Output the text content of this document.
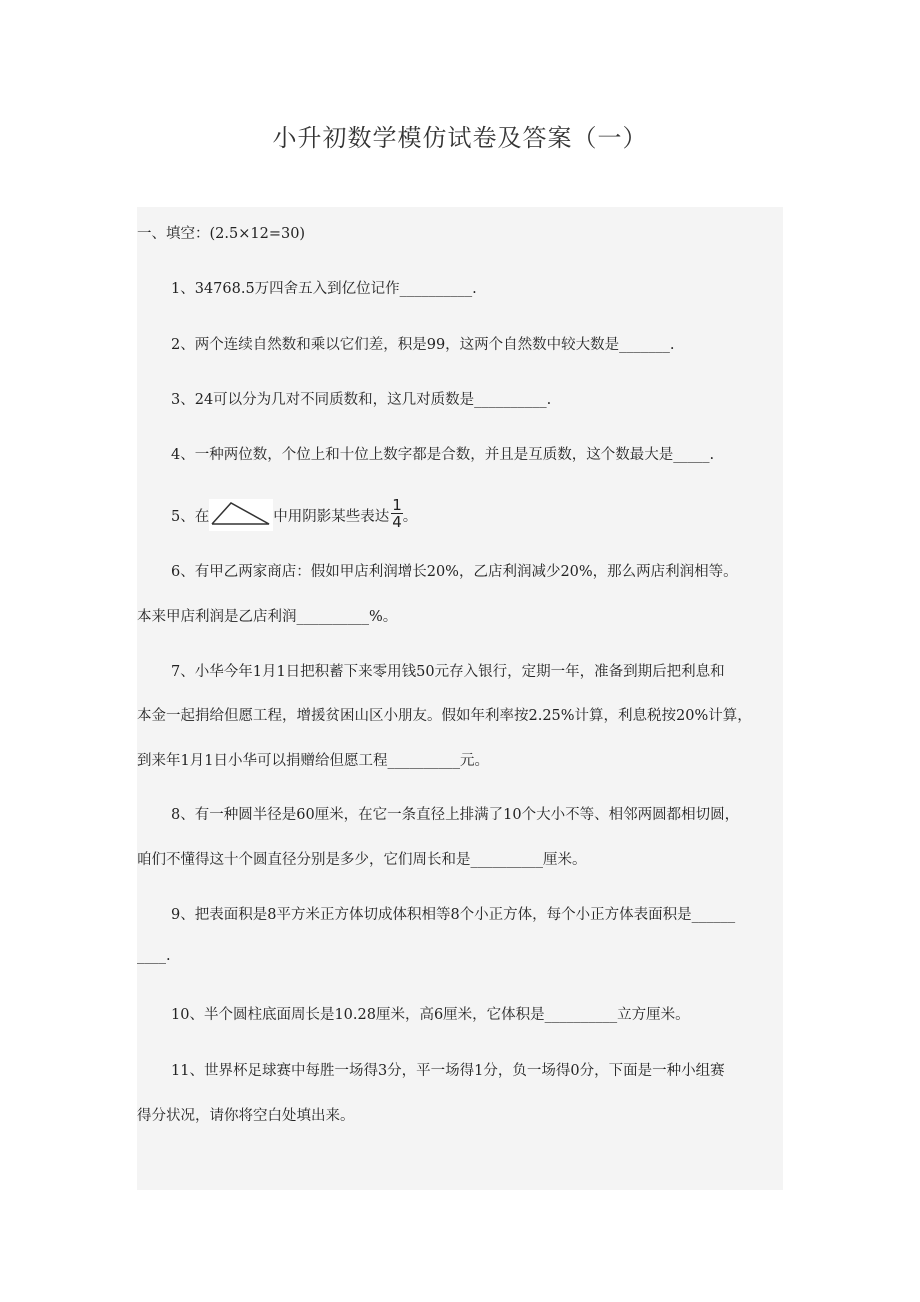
小升初数学模仿试卷及答案（一）
一、填空：(2.5×12=30)
1、34768.5万四舍五入到亿位记作__________.
2、两个连续自然数和乘以它们差，积是99，这两个自然数中较大数是_______.
3、24可以分为几对不同质数和，这几对质数是__________.
4、一种两位数，个位上和十位上数字都是合数，并且是互质数，这个数最大是_____.
5、在	中用阴影某些表达 $\frac{1}{4}$ 。
6、有甲乙两家商店：假如甲店利润增长20%，乙店利润减少20%，那么两店利润相等。
本来甲店利润是乙店利润__________%。
7、小华今年1月1日把积蓄下来零用钱50元存入银行，定期一年，准备到期后把利息和
本金一起捐给但愿工程，增援贫困山区小朋友。假如年利率按2.25%计算，利息税按20%计算，
到来年1月1日小华可以捐赠给但愿工程__________元。
8、有一种圆半径是60厘米，在它一条直径上排满了10个大小不等、相邻两圆都相切圆，
咱们不懂得这十个圆直径分别是多少，它们周长和是__________厘米。
9、把表面积是8平方米正方体切成体积相等8个小正方体，每个小正方体表面积是______
____.
10、半个圆柱底面周长是10.28厘米，高6厘米，它体积是__________立方厘米。
11、世界杯足球赛中每胜一场得3分，平一场得1分，负一场得0分，下面是一种小组赛
得分状况，请你将空白处填出来。
